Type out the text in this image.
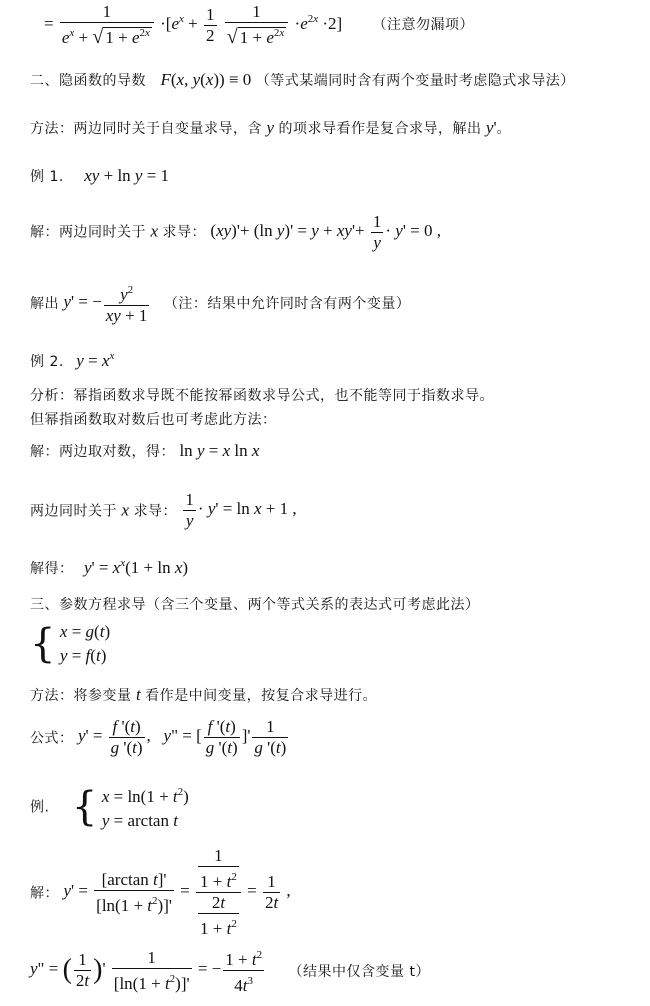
= $\frac{1}{e^x + √ 1 + e^{2x}} \cdot[e^x + \frac{1}{2}$
$\frac{1}{√ 1 + e^{2x}} \cdot e^{2x} \cdot 2$] （注意勿漏项）
二、隐函数的导数 F(x, y(x)) ≡ 0 （等式某端同时含有两个变量时考虑隐式求导法）
方法：两边同时关于自变量求导，含 y 的项求导看作是复合求导，解出 y'。
例 1. xy + ln y = 1
解：两边同时关于 x 求导： (xy)'+ (ln $y)' = y + xy'+ \frac{1}{y} \cdot y' = 0$ ,
解出 y' = − $\frac{y^2}{xy + 1}$ （注：结果中允许同时含有两个变量）
例 2. $y = x^x$
分析：幂指函数求导既不能按幂函数求导公式，也不能等同于指数求导。
但幂指函数取对数后也可考虑此方法：
解：两边取对数，得： ln y = x ln x
两边同时关于 x 求导： $\frac{1}{y} \cdot y' = \ln x + 1$ ,
解得： $y' = x^x(1 + \ln x)$
三、参数方程求导（含三个变量、两个等式关系的表达式可考虑此法）
{ x = g(t)
y = f(t)
方法：将参变量 t 看作是中间变量，按复合求导进行。
公式： $y' = \frac{f '(t)}{g '(t)}$ ,   y" = [ $\frac{f '(t)}{g '(t)}$ ]' $\frac{1}{g '(t)}$
例. { $x = \ln(1 + t^2)$
y = arctan t
解： $y' = \frac{\text{[arctan t]'}}{[\ln(1 + t^2)]'} = \frac{\frac{1}{1 + t^2}}{\frac{2t}{1 + t^2}} = \frac{1}{2t}$ ,
y" = ( $\frac{1}{2t}$ )' $\frac{1}{[\ln(1 + t^2)]'}$ = − $\frac{1 + t^2}{4t^3}$ （结果中仅含变量 t）
